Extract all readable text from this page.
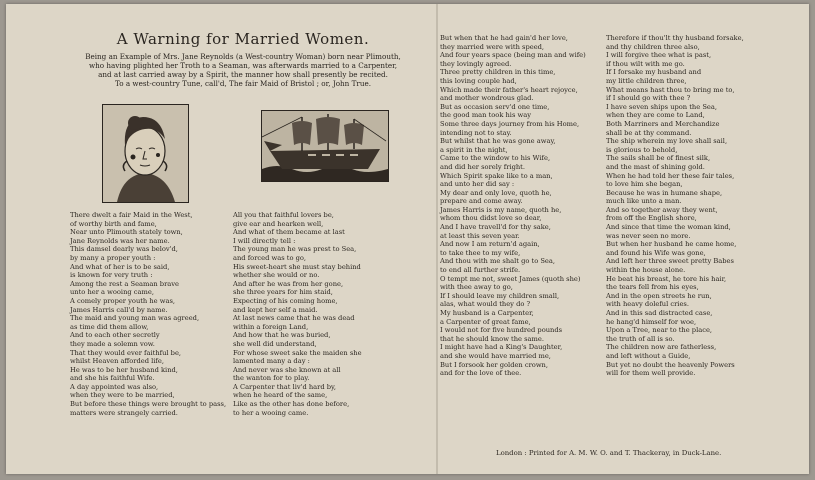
A Warning for Married Women.
Being an Example of Mrs. Jane Reynolds (a West-country Woman) born near Plimouth,
who having plighted her Troth to a Seaman, was afterwards married to a Carpenter,
and at last carried away by a Spirit, the manner how shall presently be recited.
To a west-country Tune, call'd, The fair Maid of Bristol ; or, John True.
There dwelt a fair Maid in the West,
of worthy birth and fame,
Near unto Plimouth stately town,
Jane Reynolds was her name.
This damsel dearly was belov'd,
by many a proper youth :
And what of her is to be said,
is known for very truth :
Among the rest a Seaman brave
unto her a wooing came,
A comely proper youth he was,
James Harris call'd by name.
The maid and young man was agreed,
as time did them allow,
And to each other secretly
they made a solemn vow.
That they would ever faithful be,
whilst Heaven afforded life,
He was to be her husband kind,
and she his faithful Wife.
A day appointed was also,
when they were to be married,
But before these things were brought to pass,
matters were strangely carried.
All you that faithful lovers be,
give ear and hearken well,
And what of them became at last
I will directly tell :
The young man he was prest to Sea,
and forced was to go,
His sweet-heart she must stay behind
whether she would or no.
And after he was from her gone,
she three years for him staid,
Expecting of his coming home,
and kept her self a maid.
At last news came that he was dead
within a foreign Land,
And how that he was buried,
she well did understand,
For whose sweet sake the maiden she
lamented many a day :
And never was she known at all
the wanton for to play.
A Carpenter that liv'd hard by,
when he heard of the same,
Like as the other has done before,
to her a wooing came.
But when that he had gain'd her love,
they married were with speed,
And four years space (being man and wife)
they lovingly agreed.
Three pretty children in this time,
this loving couple had,
Which made their father's heart rejoyce,
and mother wondrous glad.
But as occasion serv'd one time,
the good man took his way
Some three days journey from his Home,
intending not to stay.
But whilst that he was gone away,
a spirit in the night,
Came to the window to his Wife,
and did her sorely fright.
Which Spirit spake like to a man,
and unto her did say :
My dear and only love, quoth he,
prepare and come away.
James Harris is my name, quoth he,
whom thou didst love so dear,
And I have travell'd for thy sake,
at least this seven year.
And now I am return'd again,
to take thee to my wife,
And thou with me shalt go to Sea,
to end all further strife.
O tempt me not, sweet James (quoth she)
with thee away to go,
If I should leave my children small,
alas, what would they do ?
My husband is a Carpenter,
a Carpenter of great fame,
I would not for five hundred pounds
that he should know the same.
I might have had a King's Daughter,
and she would have married me,
But I forsook her golden crown,
and for the love of thee.
Therefore if thou'lt thy husband forsake,
and thy children three also,
I will forgive thee what is past,
if thou wilt with me go.
If I forsake my husband and
my little children three,
What means hast thou to bring me to,
if I should go with thee ?
I have seven ships upon the Sea,
when they are come to Land,
Both Marriners and Merchandize
shall be at thy command.
The ship wherein my love shall sail,
is glorious to behold,
The sails shall be of finest silk,
and the mast of shining gold.
When he had told her these fair tales,
to love him she began,
Because he was in humane shape,
much like unto a man.
And so together away they went,
from off the English shore,
And since that time the woman kind,
was never seen no more.
But when her husband he came home,
and found his Wife was gone,
And left her three sweet pretty Babes
within the house alone.
He beat his breast, he tore his hair,
the tears fell from his eyes,
And in the open streets he run,
with heavy doleful cries.
And in this sad distracted case,
he hang'd himself for woe,
Upon a Tree, near to the place,
the truth of all is so.
The children now are fatherless,
and left without a Guide,
But yet no doubt the heavenly Powers
will for them well provide.
London : Printed for A. M. W. O. and T. Thackeray, in Duck-Lane.
